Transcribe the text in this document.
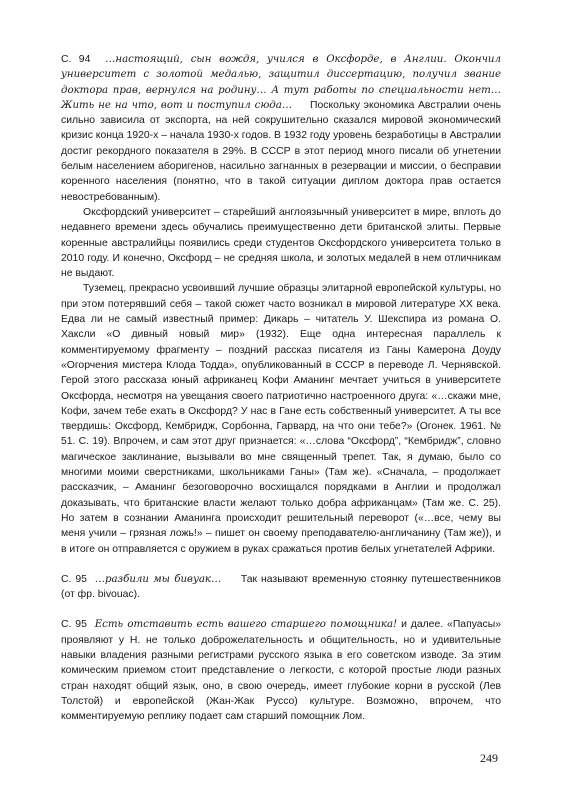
С. 94 …настоящий, сын вождя, учился в Оксфорде, в Англии. Окончил университет с золотой медалью, защитил диссертацию, получил звание доктора прав, вернулся на родину… А тут работы по специальности нет… Жить не на что, вот и поступил сюда… Поскольку экономика Австралии очень сильно зависила от экспорта, на ней сокрушительно сказался мировой экономический кризис конца 1920-х – начала 1930-х годов. В 1932 году уровень безработицы в Австралии достиг рекордного показателя в 29%. В СССР в этот период много писали об угнетении белым населением аборигенов, насильно загнанных в резервации и миссии, о бесправии коренного населения (понятно, что в такой ситуации диплом доктора прав остается невостребованным).

Оксфордский университет – старейший англоязычный университет в мире, вплоть до недавнего времени здесь обучались преимущественно дети британской элиты. Первые коренные австралийцы появились среди студентов Оксфордского университета только в 2010 году. И конечно, Оксфорд – не средняя школа, и золотых медалей в нем отличникам не выдают.

Туземец, прекрасно усвоивший лучшие образцы элитарной европейской культуры, но при этом потерявший себя – такой сюжет часто возникал в мировой литературе XX века. Едва ли не самый известный пример: Дикарь – читатель У. Шекспира из романа О. Хаксли «О дивный новый мир» (1932). Еще одна интересная параллель к комментируемому фрагменту – поздний рассказ писателя из Ганы Камерона Доуду «Огорчения мистера Клода Тодда», опубликованный в СССР в переводе Л. Чернявской. Герой этого рассказа юный африканец Кофи Аманинг мечтает учиться в университете Оксфорда, несмотря на увещания своего патриотично настроенного друга: «…скажи мне, Кофи, зачем тебе ехать в Оксфорд? У нас в Гане есть собственный университет. А ты все твердишь: Оксфорд, Кембридж, Сорбонна, Гарвард, на что они тебе?» (Огонек. 1961. № 51. С. 19). Впрочем, и сам этот друг признается: «…слова “Оксфорд”, “Кембридж”, словно магическое заклинание, вызывали во мне священный трепет. Так, я думаю, было со многими моими сверстниками, школьниками Ганы» (Там же). «Сначала, – продолжает рассказчик, – Аманинг безоговорочно восхищался порядками в Англии и продолжал доказывать, что британские власти желают только добра африканцам» (Там же. С. 25). Но затем в сознании Аманинга происходит решительный переворот («…все, чему вы меня учили – грязная ложь!» – пишет он своему преподавателю-англичанину (Там же)), и в итоге он отправляется с оружием в руках сражаться против белых угнетателей Африки.

С. 95 …разбили мы бивуак… Так называют временную стоянку путешественников (от фр. bivouac).

С. 95 Есть отставить есть вашего старшего помощника! и далее. «Папуасы» проявляют у Н. не только доброжелательность и общительность, но и удивительные навыки владения разными регистрами русского языка в его советском изводе. За этим комическим приемом стоит представление о легкости, с которой простые люди разных стран находят общий язык, оно, в свою очередь, имеет глубокие корни в русской (Лев Толстой) и европейской (Жан-Жак Руссо) культуре. Возможно, впрочем, что комментируемую реплику подает сам старший помощник Лом.

249
